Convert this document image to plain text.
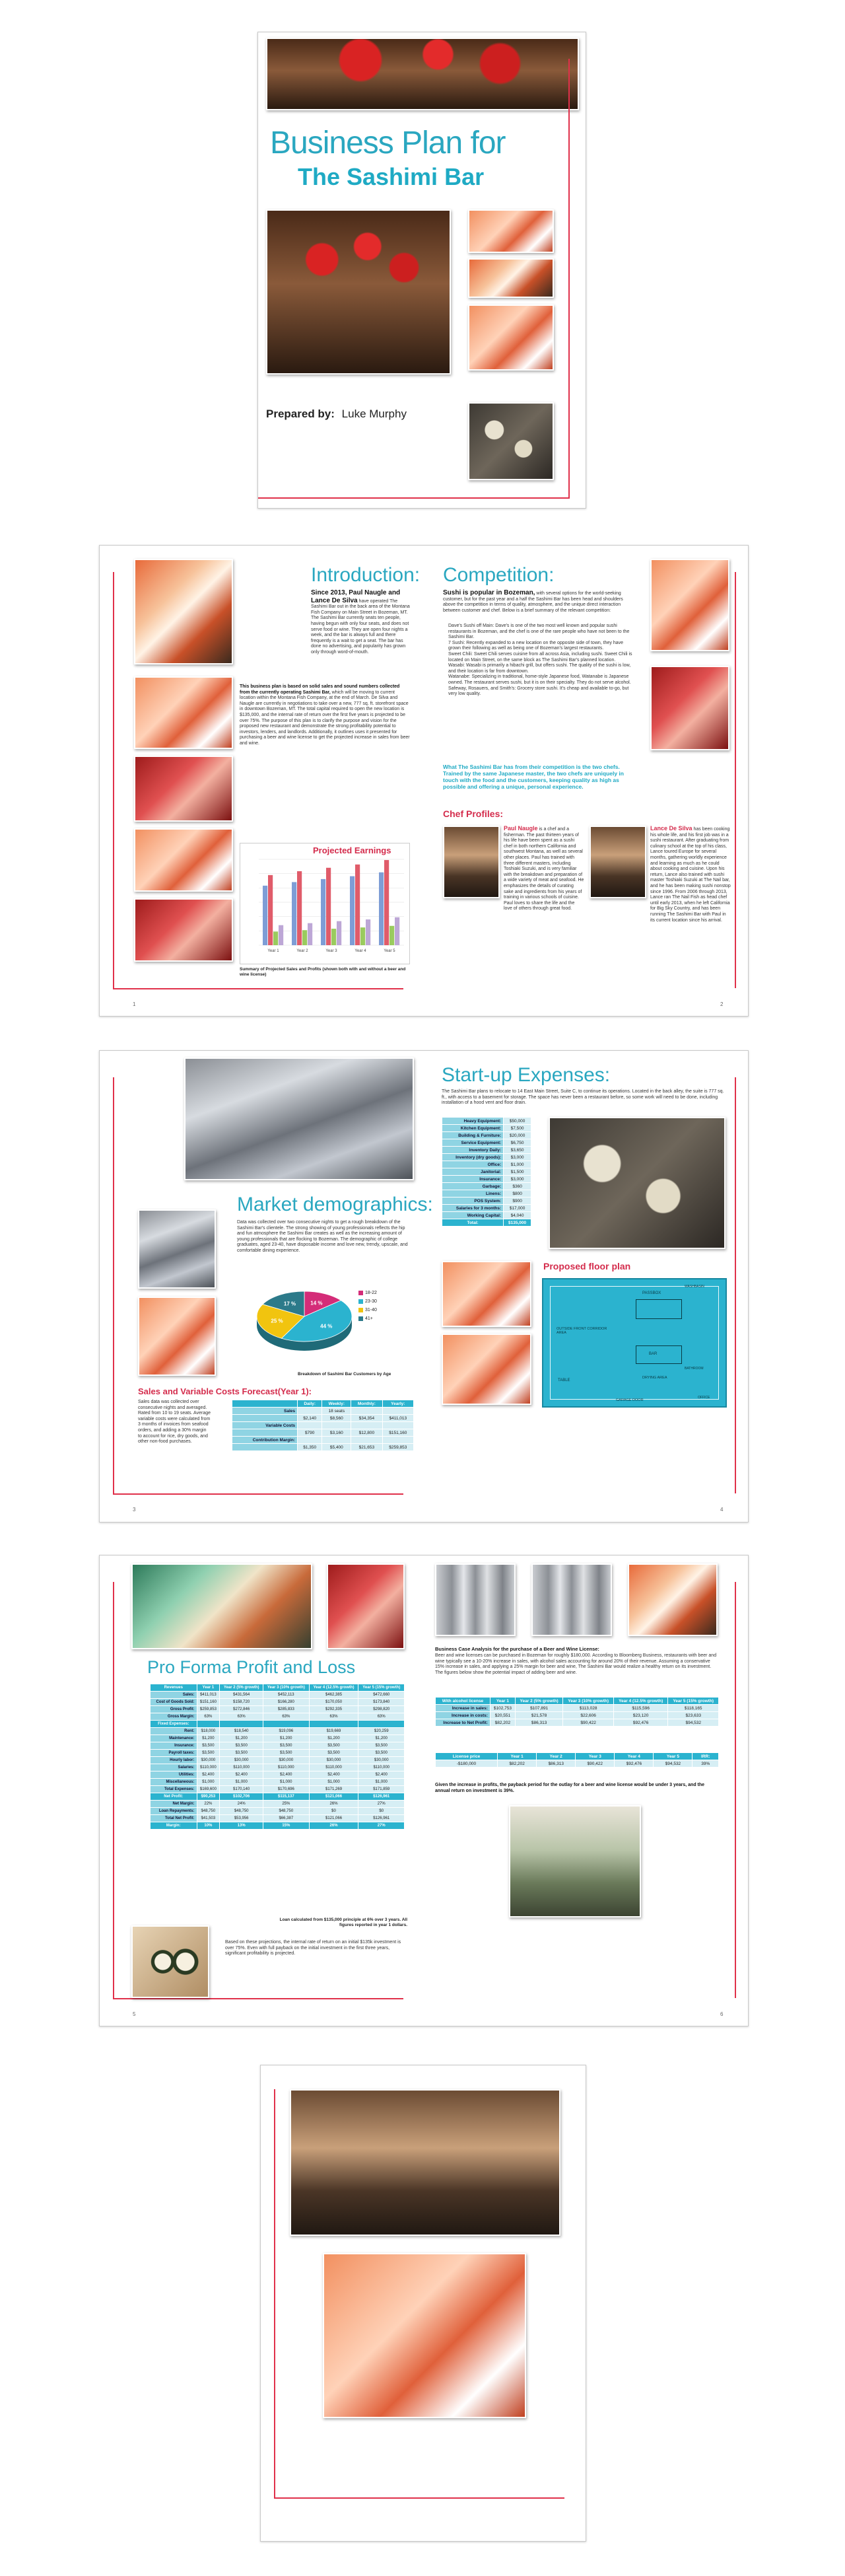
Business Plan for
The Sashimi Bar
Prepared by: Luke Murphy
Introduction:
Since 2013, Paul Naugle and Lance De Silva have operated The Sashimi Bar out in the back area of the Montana Fish Company on Main Street in Bozeman, MT. The Sashimi Bar currently seats ten people, having begun with only four seats, and does not serve food or wine. They are open four nights a week, and the bar is always full and there frequently is a wait to get a seat. The bar has done no advertising, and popularity has grown only through word-of-mouth.
This business plan is based on solid sales and sound numbers collected from the currently operating Sashimi Bar, which will be moving to current location within the Montana Fish Company, at the end of March. De Silva and Naugle are currently in negotiations to take over a new, 777 sq. ft. storefront space in downtown Bozeman, MT. The total capital required to open the new location is $135,000, and the internal rate of return over the first five years is projected to be over 75%. The purpose of this plan is to clarify the purpose and vision for the proposed new restaurant and demonstrate the strong profitability potential to investors, lenders, and landlords. Additionally, it outlines uses it presented for purchasing a beer and wine license to get the projected increase in sales from beer and wine.
Projected Earnings
Year 1	Year 2	Year 3	Year 4	Year 5
Summary of Projected Sales and Profits (shown both with and without a beer and wine license)
Competition:
Sushi is popular in Bozeman, with several options for the world-seeking customer, but for the past year and a half the Sashimi Bar has been head and shoulders above the competition in terms of quality, atmosphere, and the unique direct interaction between customer and chef. Below is a brief summary of the relevant competition:
Dave's Sushi off Main: Dave's is one of the two most well known and popular sushi restaurants in Bozeman, and the chef is one of the rare people who have not been to the Sashimi Bar.
7 Sushi: Recently expanded to a new location on the opposite side of town, they have grown their following as well as being one of Bozeman's largest restaurants.
Sweet Chili: Sweet Chili serves cuisine from all across Asia, including sushi. Sweet Chili is located on Main Street, on the same block as The Sashimi Bar's planned location.
Wasabi: Wasabi is primarily a hibachi grill, but offers sushi. The quality of the sushi is low, and their location is far from downtown.
Watanabe: Specializing in traditional, home-style Japanese food, Watanabe is Japanese owned. The restaurant serves sushi, but it is on their specialty. They do not serve alcohol.
Safeway, Rosauers, and Smith's: Grocery store sushi. It's cheap and available to-go, but very low quality.
What The Sashimi Bar has from their competition is the two chefs. Trained by the same Japanese master, the two chefs are uniquely in touch with the food and the customers, keeping quality as high as possible and offering a unique, personal experience.
Chef Profiles:
Paul Naugle is a chef and a fisherman. The past thirteen years of his life have been spent as a sushi chef in both northern California and southwest Montana, as well as several other places. Paul has trained with three different masters, including Toshiaki Suzuki, and is very familiar with the breakdown and preparation of a wide variety of meat and seafood. He emphasizes the details of curating sake and ingredients from his years of training in various schools of cuisine. Paul loves to share the life and the love of others through great food.
Lance De Silva has been cooking his whole life, and his first job was in a sushi restaurant. After graduating from culinary school at the top of his class, Lance toured Europe for several months, gathering worldly experience and learning as much as he could about cooking and cuisine. Upon his return, Lance also trained with sushi master Toshiaki Suzuki at The Nail bar, and he has been making sushi nonstop since 1996. From 2006 through 2013, Lance ran The Nail Fish as head chef until early 2013, when he left California for Big Sky Country, and has been running The Sashimi Bar with Paul in its current location since his arrival.
1	2
Market demographics:
Data was collected over two consecutive nights to get a rough breakdown of the Sashimi Bar's clientele. The strong showing of young professionals reflects the hip and fun atmosphere the Sashimi Bar creates as well as the increasing amount of young professionals that are flocking to Bozeman. The demographic of college graduates, aged 23-40, have disposable income and love new, trendy, upscale, and comfortable dining experience.
44 %
25 %
14 %
17 %
18-22
23-30
31-40
41+
Breakdown of Sashimi Bar Customers by Age
Sales and Variable Costs Forecast(Year 1):
Sales data was collected over consecutive nights and averaged. Rated from 10 to 19 seats. Average variable costs were calculated from 3 months of invoices from seafood orders, and adding a 30% margin to account for rice, dry goods, and other non-food purchases.
	Daily:	Weekly:	Monthly:	Yearly:
Sales		18 seats		
	$2,140	$8,560	$34,354	$411,013
Variable Costs				
	$790	$3,160	$12,800	$151,160
Contribution Margin:				
	$1,350	$5,400	$21,653	$259,853
Start-up Expenses:
The Sashimi Bar plans to relocate to 14 East Main Street, Suite C, to continue its operations. Located in the back alley, the suite is 777 sq. ft., with access to a basement for storage. The space has never been a restaurant before, so some work will need to be done, including installation of a hood vent and floor drain.
Heavy Equipment:	$50,000
Kitchen Equipment:	$7,500
Building & Furniture:	$20,000
Service Equipment:	$6,750
Inventory Daily:	$3,650
Inventory (dry goods):	$3,000
Office:	$1,000
Janitorial:	$1,500
Insurance:	$3,000
Garbage:	$360
Linens:	$800
POS System:	$900
Salaries for 3 months:	$17,000
Working Capital:	$4,040
Total:	$135,000
Proposed floor plan
PASSBOX
WASHBASIN
OUTSIDE FRONT CORRIDOR AREA
TABLE
BAR
DRYING AREA
BATHROOM
GARAGE DOOR
OFFICE
3	4
Pro Forma Profit and Loss
Revenues	Year 1	Year 2 (5% growth)	Year 3 (10% growth)	Year 4 (12.5% growth)	Year 5 (15% growth)
Sales:	$411,013	$431,564	$452,113	$462,385	$472,660
Cost of Goods Sold:	$151,160	$158,720	$166,280	$170,050	$173,840
Gross Profit:	$259,853	$272,846	$285,833	$292,335	$298,820
Gross Margin:	63%	63%	63%	63%	63%
Fixed Expenses:					
Rent:	$18,000	$18,540	$19,096	$19,669	$20,259
Maintenance:	$1,200	$1,200	$1,200	$1,200	$1,200
Insurance:	$3,500	$3,500	$3,500	$3,500	$3,500
Payroll taxes:	$3,500	$3,500	$3,500	$3,500	$3,500
Hourly labor:	$30,000	$30,000	$30,000	$30,000	$30,000
Salaries:	$110,000	$110,000	$110,000	$110,000	$110,000
Utilities:	$2,400	$2,400	$2,400	$2,400	$2,400
Miscellaneous:	$1,000	$1,000	$1,000	$1,000	$1,000
Total Expenses:	$169,600	$170,140	$170,696	$171,269	$171,859
Net Profit:	$90,253	$102,706	$115,137	$121,066	$126,961
Net Margin:	22%	24%	25%	26%	27%
Loan Repayments:	$48,750	$48,750	$48,750	$0	$0
Total Net Profit:	$41,503	$53,956	$66,387	$121,066	$126,961
Margin:	10%	13%	15%	26%	27%
Loan calculated from $135,000 principle at 6% over 3 years. All figures reported in year 1 dollars.
Based on these projections, the internal rate of return on an initial $135k investment is over 75%. Even with full payback on the initial investment in the first three years, significant profitability is projected.
Business Case Analysis for the purchase of a Beer and Wine License:
Beer and wine licenses can be purchased in Bozeman for roughly $180,000. According to Bloomberg Business, restaurants with beer and wine typically see a 10-20% increase in sales, with alcohol sales accounting for around 20% of their revenue. Assuming a conservative 15% increase in sales, and applying a 25% margin for beer and wine, The Sashimi Bar would realize a healthy return on its investment. The figures below show the potential impact of adding beer and wine.
With alcohol license	Year 1	Year 2 (5% growth)	Year 3 (10% growth)	Year 4 (12.5% growth)	Year 5 (15% growth)
Increase in sales:	$102,753	$107,891	$113,028	$115,596	$118,165
Increase in costs:	$20,551	$21,578	$22,606	$23,120	$23,633
Increase to Net Profit:	$82,202	$86,313	$90,422	$92,476	$94,532
License price	Year 1	Year 2	Year 3	Year 4	Year 5	IRR:
-$180,000	$82,202	$86,313	$90,422	$92,476	$94,532	39%
Given the increase in profits, the payback period for the outlay for a beer and wine license would be under 3 years, and the annual return on investment is 39%.
5	6
